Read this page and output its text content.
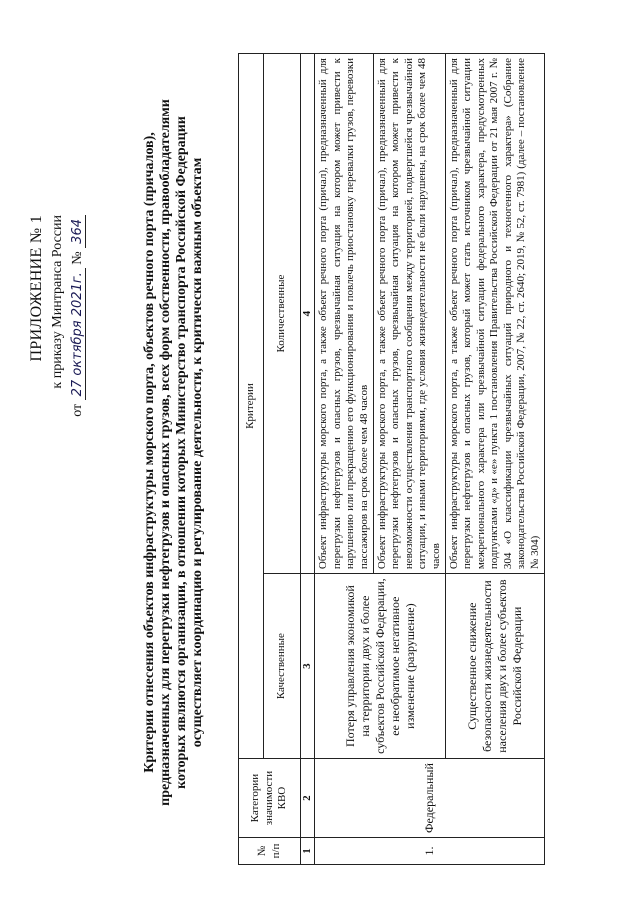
ПРИЛОЖЕНИЕ № 1 к приказу Минтранса России
от 27 октября 2021г. № 364	Критерии отнесения объектов инфраструктуры морского порта, объектов речного порта (причалов), предназначенных для перегрузки нефтегрузов и опасных грузов, всех форм собственности, правообладателями которых являются организации, в отношении которых Министерство транспорта Российской Федерации осуществляет координацию и регулирование деятельности, к критически важным объектам
№ п/п	Категории значимости КВО	Критерии	
		Качественные	Количественные
1	2	3	4
1.	Федеральный	Потеря управления экономикой на территории двух и более субъектов Российской Федерации, ее необратимое негативное изменение (разрушение)	Объект инфраструктуры морского порта, а также объект речного порта (причал), предназначенный для перегрузки нефтегрузов и опасных грузов, чрезвычайная ситуация на котором может привести к нарушению или прекращению его функционирования и повлечь приостановку перевалки грузов, перевозки пассажиров на срок более чем 48 часов
			Объект инфраструктуры морского порта, а также объект речного порта (причал), предназначенный для перегрузки нефтегрузов и опасных грузов, чрезвычайная ситуация на котором может привести к невозможности осуществления транспортного сообщения между территорией, подвергшейся чрезвычайной ситуации, и иными территориями, где условия жизнедеятельности не были нарушены, на срок более чем 48 часов
		Существенное снижение безопасности жизнедеятельности населения двух и более субъектов Российской Федерации	Объект инфраструктуры морского порта, а также объект речного порта (причал), предназначенный для перегрузки нефтегрузов и опасных грузов, который может стать источником чрезвычайной ситуации межрегионального характера или чрезвычайной ситуации федерального характера, предусмотренных подпунктами «д» и «е» пункта 1 постановления Правительства Российской Федерации от 21 мая 2007 г. № 304 «О классификации чрезвычайных ситуаций природного и техногенного характера» (Собрание законодательства Российской Федерации, 2007, № 22, ст. 2640; 2019, № 52, ст. 7981) (далее – постановление № 304)
